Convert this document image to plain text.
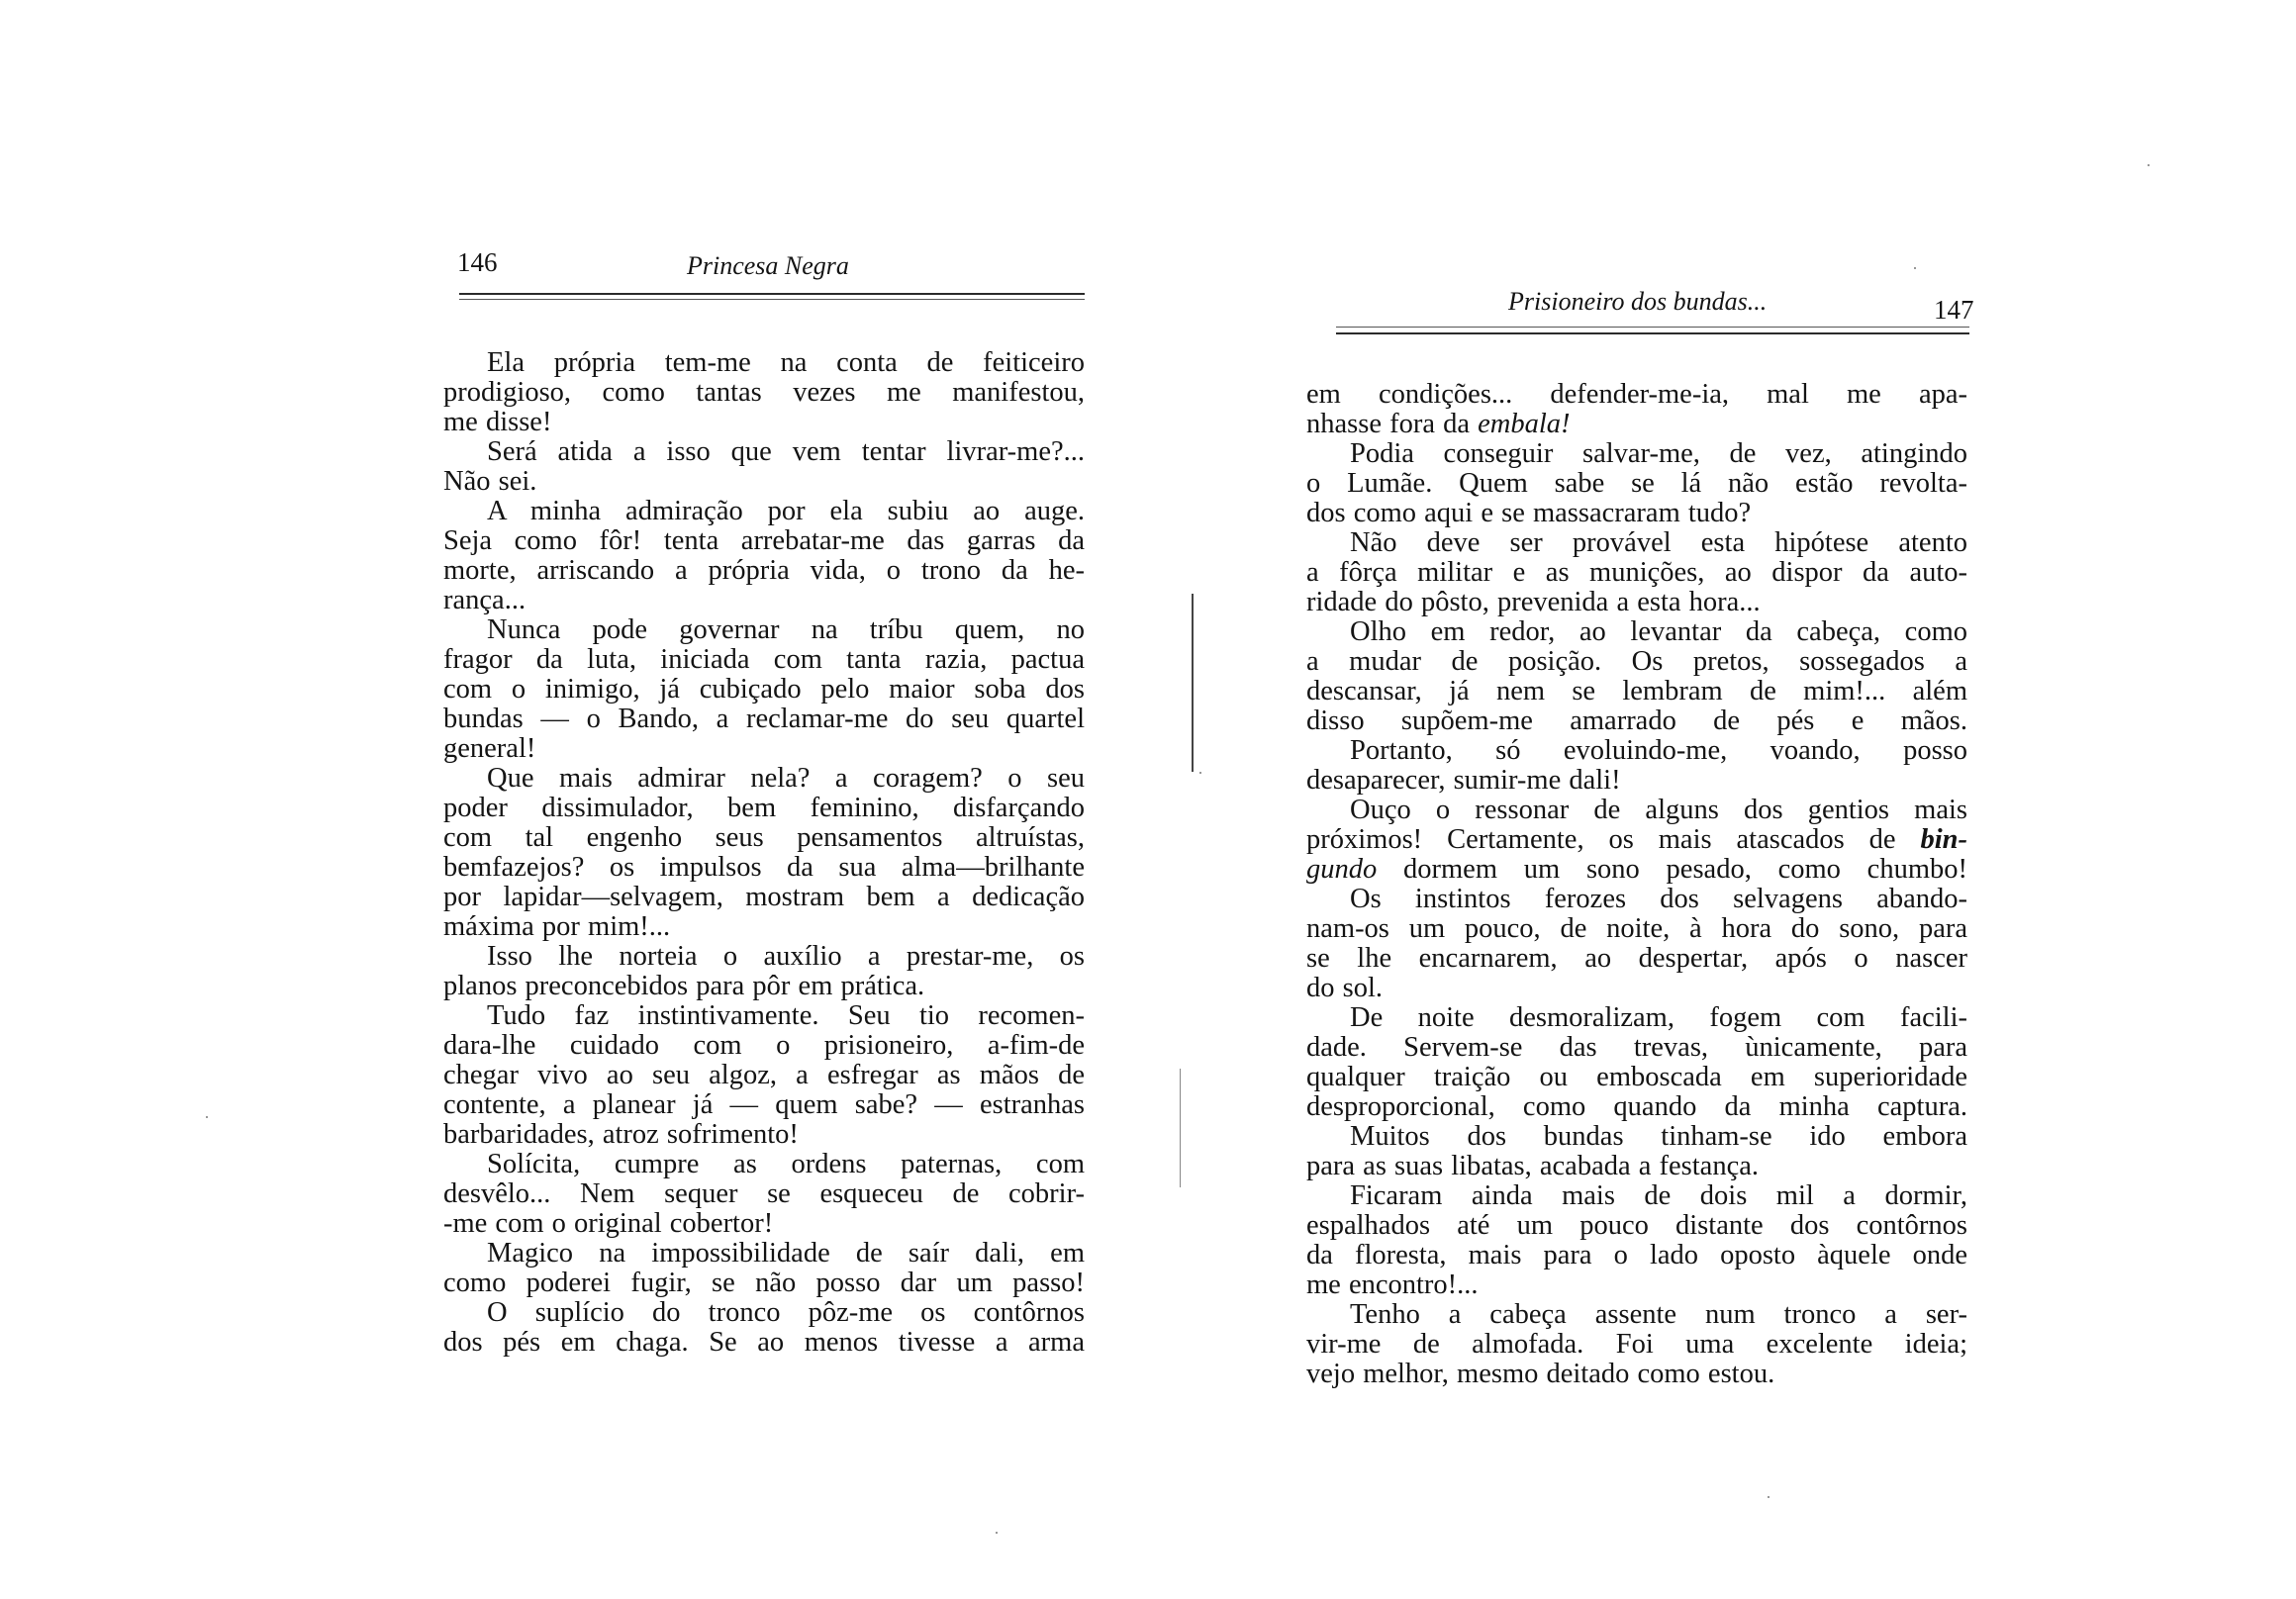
146	Princesa Negra
Ela própria tem-me na conta de feiticeiro
prodigioso, como tantas vezes me manifestou,
me disse!
Será atida a isso que vem tentar livrar-me?...
Não sei.
A minha admiração por ela subiu ao auge.
Seja como fôr! tenta arrebatar-me das garras da
morte, arriscando a própria vida, o trono da he-
rança...
Nunca pode governar na tríbu quem, no
fragor da luta, iniciada com tanta razia, pactua
com o inimigo, já cubiçado pelo maior soba dos
bundas — o Bando, a reclamar-me do seu quartel
general!
Que mais admirar nela? a coragem? o seu
poder dissimulador, bem feminino, disfarçando
com tal engenho seus pensamentos altruístas,
bemfazejos? os impulsos da sua alma—brilhante
por lapidar—selvagem, mostram bem a dedicação
máxima por mim!...
Isso lhe norteia o auxílio a prestar-me, os
planos preconcebidos para pôr em prática.
Tudo faz instintivamente. Seu tio recomen-
dara-lhe cuidado com o prisioneiro, a-fim-de
chegar vivo ao seu algoz, a esfregar as mãos de
contente, a planear já — quem sabe? — estranhas
barbaridades, atroz sofrimento!
Solícita, cumpre as ordens paternas, com
desvêlo... Nem sequer se esqueceu de cobrir-
-me com o original cobertor!
Magico na impossibilidade de saír dali, em
como poderei fugir, se não posso dar um passo!
O suplício do tronco pôz-me os contôrnos
dos pés em chaga. Se ao menos tivesse a arma
Prisioneiro dos bundas...	147
em condições... defender-me-ia, mal me apa-
nhasse fora da embala!
Podia conseguir salvar-me, de vez, atingindo
o Lumãe. Quem sabe se lá não estão revolta-
dos como aqui e se massacraram tudo?
Não deve ser provável esta hipótese atento
a fôrça militar e as munições, ao dispor da auto-
ridade do pôsto, prevenida a esta hora...
Olho em redor, ao levantar da cabeça, como
a mudar de posição. Os pretos, sossegados a
descansar, já nem se lembram de mim!... além
disso supõem-me amarrado de pés e mãos.
Portanto, só evoluindo-me, voando, posso
desaparecer, sumir-me dali!
Ouço o ressonar de alguns dos gentios mais
próximos! Certamente, os mais atascados de bin-
gundo dormem um sono pesado, como chumbo!
Os instintos ferozes dos selvagens abando-
nam-os um pouco, de noite, à hora do sono, para
se lhe encarnarem, ao despertar, após o nascer
do sol.
De noite desmoralizam, fogem com facili-
dade. Servem-se das trevas, ùnicamente, para
qualquer traição ou emboscada em superioridade
desproporcional, como quando da minha captura.
Muitos dos bundas tinham-se ido embora
para as suas libatas, acabada a festança.
Ficaram ainda mais de dois mil a dormir,
espalhados até um pouco distante dos contôrnos
da floresta, mais para o lado oposto àquele onde
me encontro!...
Tenho a cabeça assente num tronco a ser-
vir-me de almofada. Foi uma excelente ideia;
vejo melhor, mesmo deitado como estou.
